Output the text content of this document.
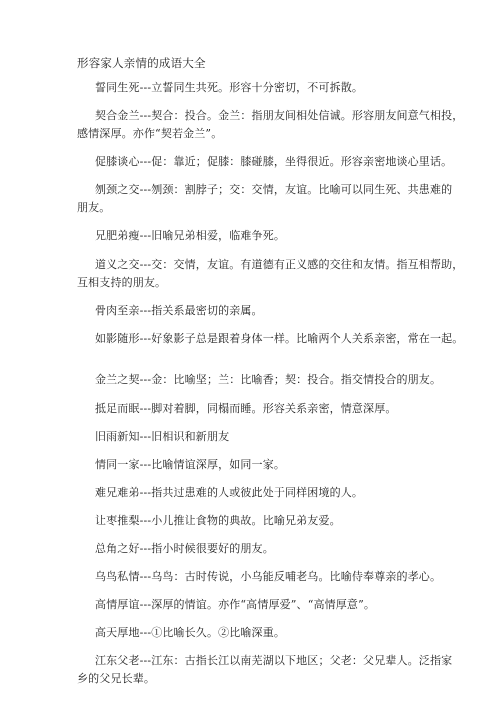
形容家人亲情的成语大全
誓同生死---立誓同生共死。形容十分密切，不可拆散。
契合金兰---契合：投合。金兰：指朋友间相处信诚。形容朋友间意气相投，
感情深厚。亦作“契若金兰”。
促膝谈心---促：靠近；促膝：膝碰膝，坐得很近。形容亲密地谈心里话。
刎颈之交---刎颈：割脖子；交：交情，友谊。比喻可以同生死、共患难的
朋友。
兄肥弟瘦---旧喻兄弟相爱，临难争死。
道义之交---交：交情，友谊。有道德有正义感的交往和友情。指互相帮助，
互相支持的朋友。
骨肉至亲---指关系最密切的亲属。
如影随形---好象影子总是跟着身体一样。比喻两个人关系亲密，常在一起。
金兰之契---金：比喻坚；兰：比喻香；契：投合。指交情投合的朋友。
抵足而眠---脚对着脚，同榻而睡。形容关系亲密，情意深厚。
旧雨新知---旧相识和新朋友
情同一家---比喻情谊深厚，如同一家。
难兄难弟---指共过患难的人或彼此处于同样困境的人。
让枣推梨---小儿推让食物的典故。比喻兄弟友爱。
总角之好---指小时候很要好的朋友。
乌鸟私情---乌鸟：古时传说，小乌能反哺老乌。比喻侍奉尊亲的孝心。
高情厚谊---深厚的情谊。亦作“高情厚爱”、“高情厚意”。
高天厚地---①比喻长久。②比喻深重。
江东父老---江东：古指长江以南芜湖以下地区；父老：父兄辈人。泛指家
乡的父兄长辈。
